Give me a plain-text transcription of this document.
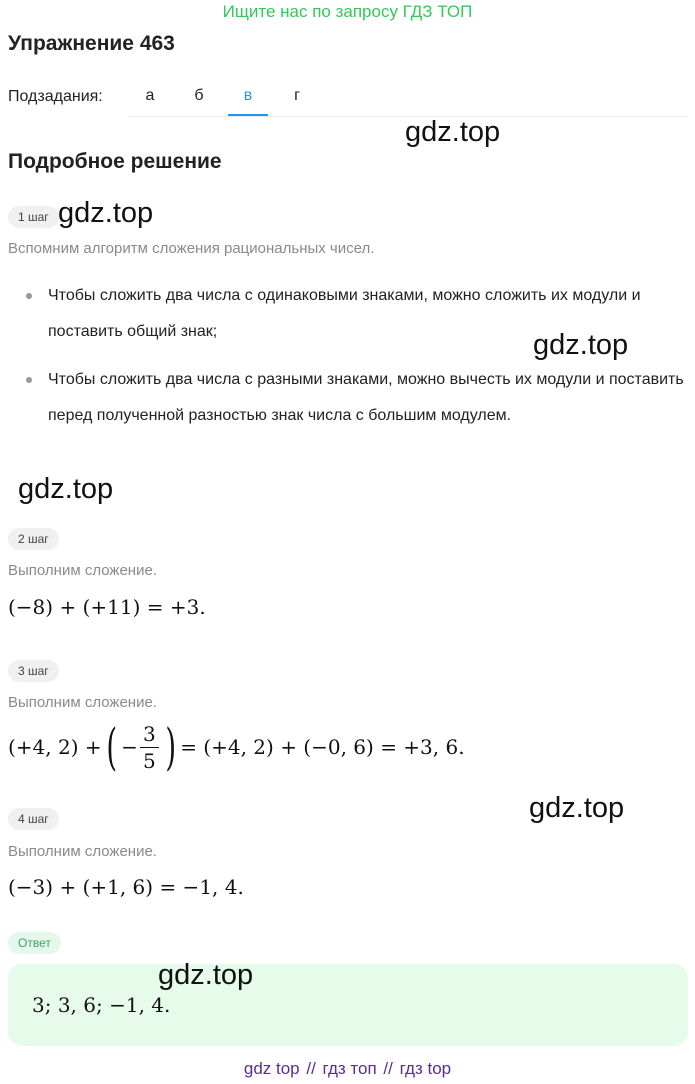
Ищите нас по запросу ГДЗ ТОП
Упражнение 463
Подзадания:	а	б	в	г
Подробное решение
1 шаг
Вспомним алгоритм сложения рациональных чисел.
Чтобы сложить два числа с одинаковыми знаками, можно сложить их модули и поставить общий знак;
Чтобы сложить два числа с разными знаками, можно вычесть их модули и поставить перед полученной разностью знак числа с большим модулем.
2 шаг
Выполним сложение.
(−8) + (+11) = +3.
3 шаг
Выполним сложение.
(+4, 2) + ( − $\frac{3}{5}$ ) = (+4, 2) + (−0, 6) = +3, 6.
4 шаг
Выполним сложение.
(−3) + (+1, 6) = −1, 4.
Ответ
3; 3, 6; −1, 4.
gdz.top
gdz.top
gdz.top
gdz.top
gdz.top
gdz.top
gdz top // гдз топ // гдз top
